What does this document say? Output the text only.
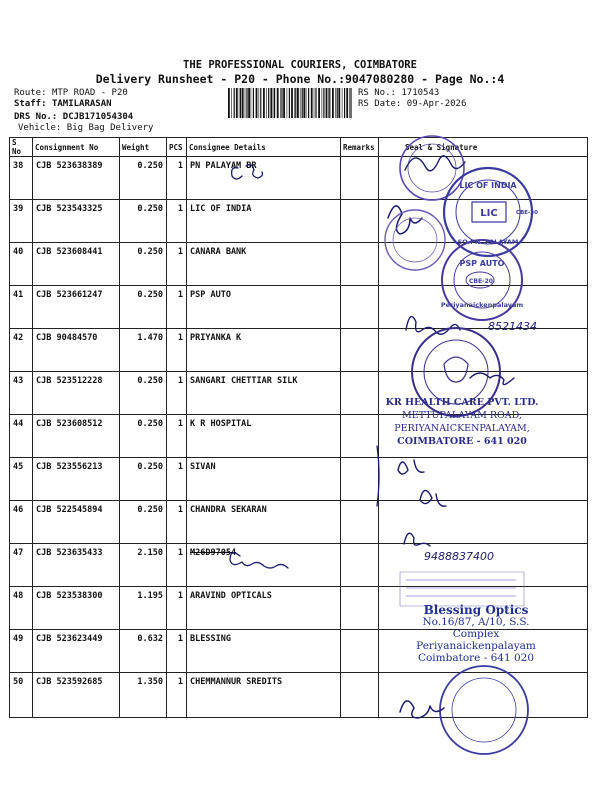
THE PROFESSIONAL COURIERS, COIMBATORE
Delivery Runsheet - P20 - Phone No.:9047080280 - Page No.:4
Route: MTP ROAD - P20
Staff: TAMILARASAN
DRS No.: DCJB171054304
Vehicle: Big Bag Delivery
RS No.: 1710543
RS Date: 09-Apr-2026
S No	Consignment No	Weight	PCS	Consignee Details	Remarks	Seal & Signature
38	CJB 523638389	0.250	1	PN PALAYAM BR		
39	CJB 523543325	0.250	1	LIC OF INDIA		
40	CJB 523608441	0.250	1	CANARA BANK		
41	CJB 523661247	0.250	1	PSP AUTO		
42	CJB 90484570	1.470	1	PRIYANKA K		
43	CJB 523512228	0.250	1	SANGARI CHETTIAR SILK		
44	CJB 523608512	0.250	1	K R HOSPITAL		
45	CJB 523556213	0.250	1	SIVAN		
46	CJB 522545894	0.250	1	CHANDRA SEKARAN		
47	CJB 523635433	2.150	1	M26D97054		
48	CJB 523538300	1.195	1	ARAVIND OPTICALS		
49	CJB 523623449	0.632	1	BLESSING		
50	CJB 523592685	1.350	1	CHEMMANNUR SREDITS		
LIC OF INDIA
LIC
SO.PN. PALAYAM
CBE-30
PSP AUTO
CBE-20
Periyanaickenpalayam
8521434
9488837400
KR HEALTH CARE PVT. LTD.
METTUPALAYAM ROAD,
PERIYANAICKENPALAYAM,
COIMBATORE - 641 020
Blessing Optics
No.16/87, A/10, S.S. Complex
Periyanaickenpalayam
Coimbatore - 641 020
